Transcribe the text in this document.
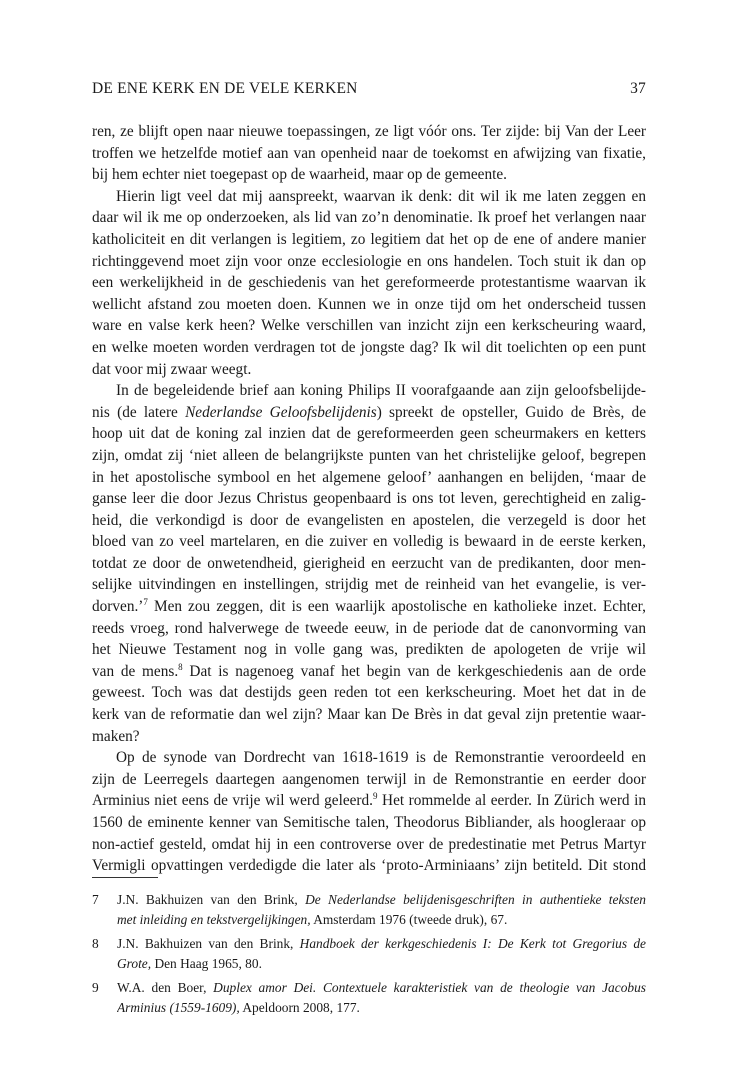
DE ENE KERK EN DE VELE KERKEN	37
ren, ze blijft open naar nieuwe toepassingen, ze ligt vóór ons. Ter zijde: bij Van der Leer
troffen we hetzelfde motief aan van openheid naar de toekomst en afwijzing van fixatie,
bij hem echter niet toegepast op de waarheid, maar op de gemeente.
Hierin ligt veel dat mij aanspreekt, waarvan ik denk: dit wil ik me laten zeggen en
daar wil ik me op onderzoeken, als lid van zo’n denominatie. Ik proef het verlangen naar
katholiciteit en dit verlangen is legitiem, zo legitiem dat het op de ene of andere manier
richtinggevend moet zijn voor onze ecclesiologie en ons handelen. Toch stuit ik dan op
een werkelijkheid in de geschiedenis van het gereformeerde protestantisme waarvan ik
wellicht afstand zou moeten doen. Kunnen we in onze tijd om het onderscheid tussen
ware en valse kerk heen? Welke verschillen van inzicht zijn een kerkscheuring waard,
en welke moeten worden verdragen tot de jongste dag? Ik wil dit toelichten op een punt
dat voor mij zwaar weegt.
In de begeleidende brief aan koning Philips II voorafgaande aan zijn geloofsbelijde-
nis (de latere Nederlandse Geloofsbelijdenis) spreekt de opsteller, Guido de Brès, de
hoop uit dat de koning zal inzien dat de gereformeerden geen scheurmakers en ketters
zijn, omdat zij ‘niet alleen de belangrijkste punten van het christelijke geloof, begrepen
in het apostolische symbool en het algemene geloof’ aanhangen en belijden, ‘maar de
ganse leer die door Jezus Christus geopenbaard is ons tot leven, gerechtigheid en zalig-
heid, die verkondigd is door de evangelisten en apostelen, die verzegeld is door het
bloed van zo veel martelaren, en die zuiver en volledig is bewaard in de eerste kerken,
totdat ze door de onwetendheid, gierigheid en eerzucht van de predikanten, door men-
selijke uitvindingen en instellingen, strijdig met de reinheid van het evangelie, is ver-
dorven.’$^7$ Men zou zeggen, dit is een waarlijk apostolische en katholieke inzet. Echter,
reeds vroeg, rond halverwege de tweede eeuw, in de periode dat de canonvorming van
het Nieuwe Testament nog in volle gang was, predikten de apologeten de vrije wil
van de mens.$^8$ Dat is nagenoeg vanaf het begin van de kerkgeschiedenis aan de orde
geweest. Toch was dat destijds geen reden tot een kerkscheuring. Moet het dat in de
kerk van de reformatie dan wel zijn? Maar kan De Brès in dat geval zijn pretentie waar-
maken?
Op de synode van Dordrecht van 1618-1619 is de Remonstrantie veroordeeld en
zijn de Leerregels daartegen aangenomen terwijl in de Remonstrantie en eerder door
Arminius niet eens de vrije wil werd geleerd.$^9$ Het rommelde al eerder. In Zürich werd in
1560 de eminente kenner van Semitische talen, Theodorus Bibliander, als hoogleraar op
non-actief gesteld, omdat hij in een controverse over de predestinatie met Petrus Martyr
Vermigli opvattingen verdedigde die later als ‘proto-Arminiaans’ zijn betiteld. Dit stond
7 J.N. Bakhuizen van den Brink, De Nederlandse belijdenisgeschriften in authentieke teksten
met inleiding en tekstvergelijkingen, Amsterdam 1976 (tweede druk), 67.
8 J.N. Bakhuizen van den Brink, Handboek der kerkgeschiedenis I: De Kerk tot Gregorius de
Grote, Den Haag 1965, 80.
9 W.A. den Boer, Duplex amor Dei. Contextuele karakteristiek van de theologie van Jacobus
Arminius (1559-1609), Apeldoorn 2008, 177.
